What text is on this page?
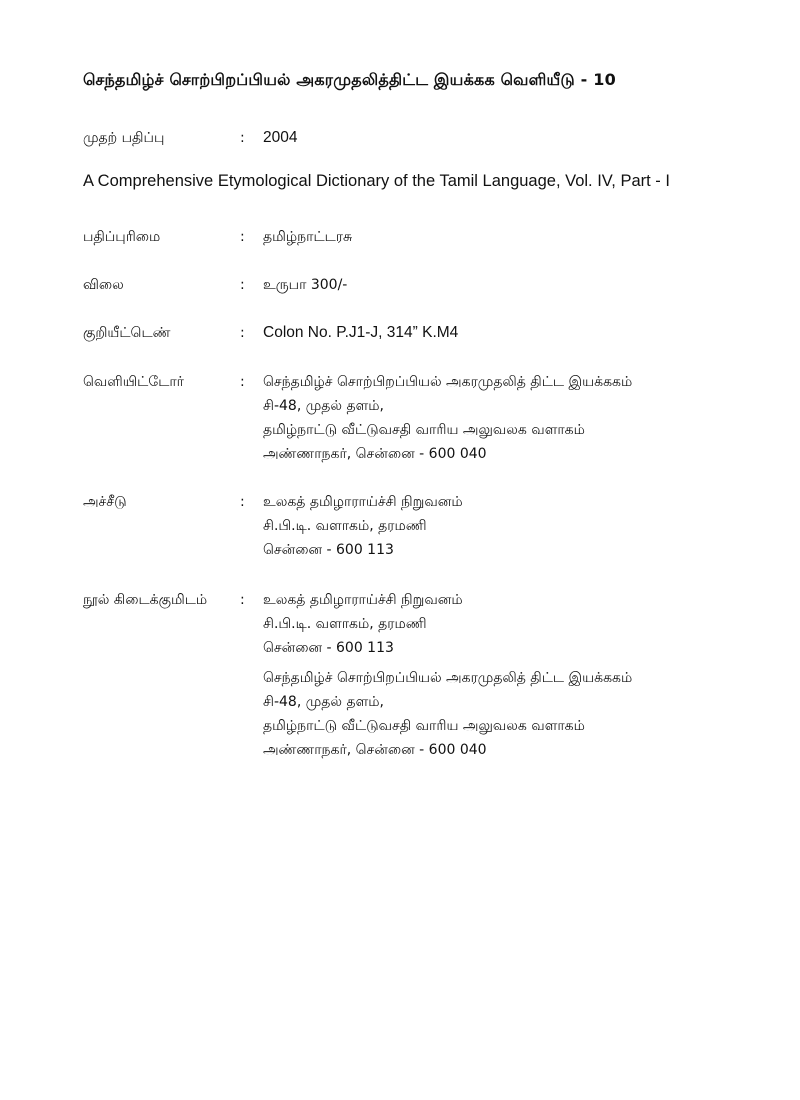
செந்தமிழ்ச் சொற்பிறப்பியல் அகரமுதலித்திட்ட இயக்கக வெளியீடு - 10
முதற் பதிப்பு	: 2004
A Comprehensive Etymological Dictionary of the Tamil Language, Vol. IV, Part - I
பதிப்புரிமை	: தமிழ்நாட்டரசு
விலை	: உருபா 300/-
குறியீட்டெண்	: Colon No. P.J1-J, 314” K.M4
வெளியிட்டோர்	: செந்தமிழ்ச் சொற்பிறப்பியல் அகரமுதலித் திட்ட இயக்ககம்
சி-48, முதல் தளம்,
தமிழ்நாட்டு வீட்டுவசதி வாரிய அலுவலக வளாகம்
அண்ணாநகர், சென்னை - 600 040
அச்சீடு	: உலகத் தமிழாராய்ச்சி நிறுவனம்
சி.பி.டி. வளாகம், தரமணி
சென்னை - 600 113
நூல் கிடைக்குமிடம் : உலகத் தமிழாராய்ச்சி நிறுவனம்
சி.பி.டி. வளாகம், தரமணி
சென்னை - 600 113
செந்தமிழ்ச் சொற்பிறப்பியல் அகரமுதலித் திட்ட இயக்ககம்
சி-48, முதல் தளம்,
தமிழ்நாட்டு வீட்டுவசதி வாரிய அலுவலக வளாகம்
அண்ணாநகர், சென்னை - 600 040
